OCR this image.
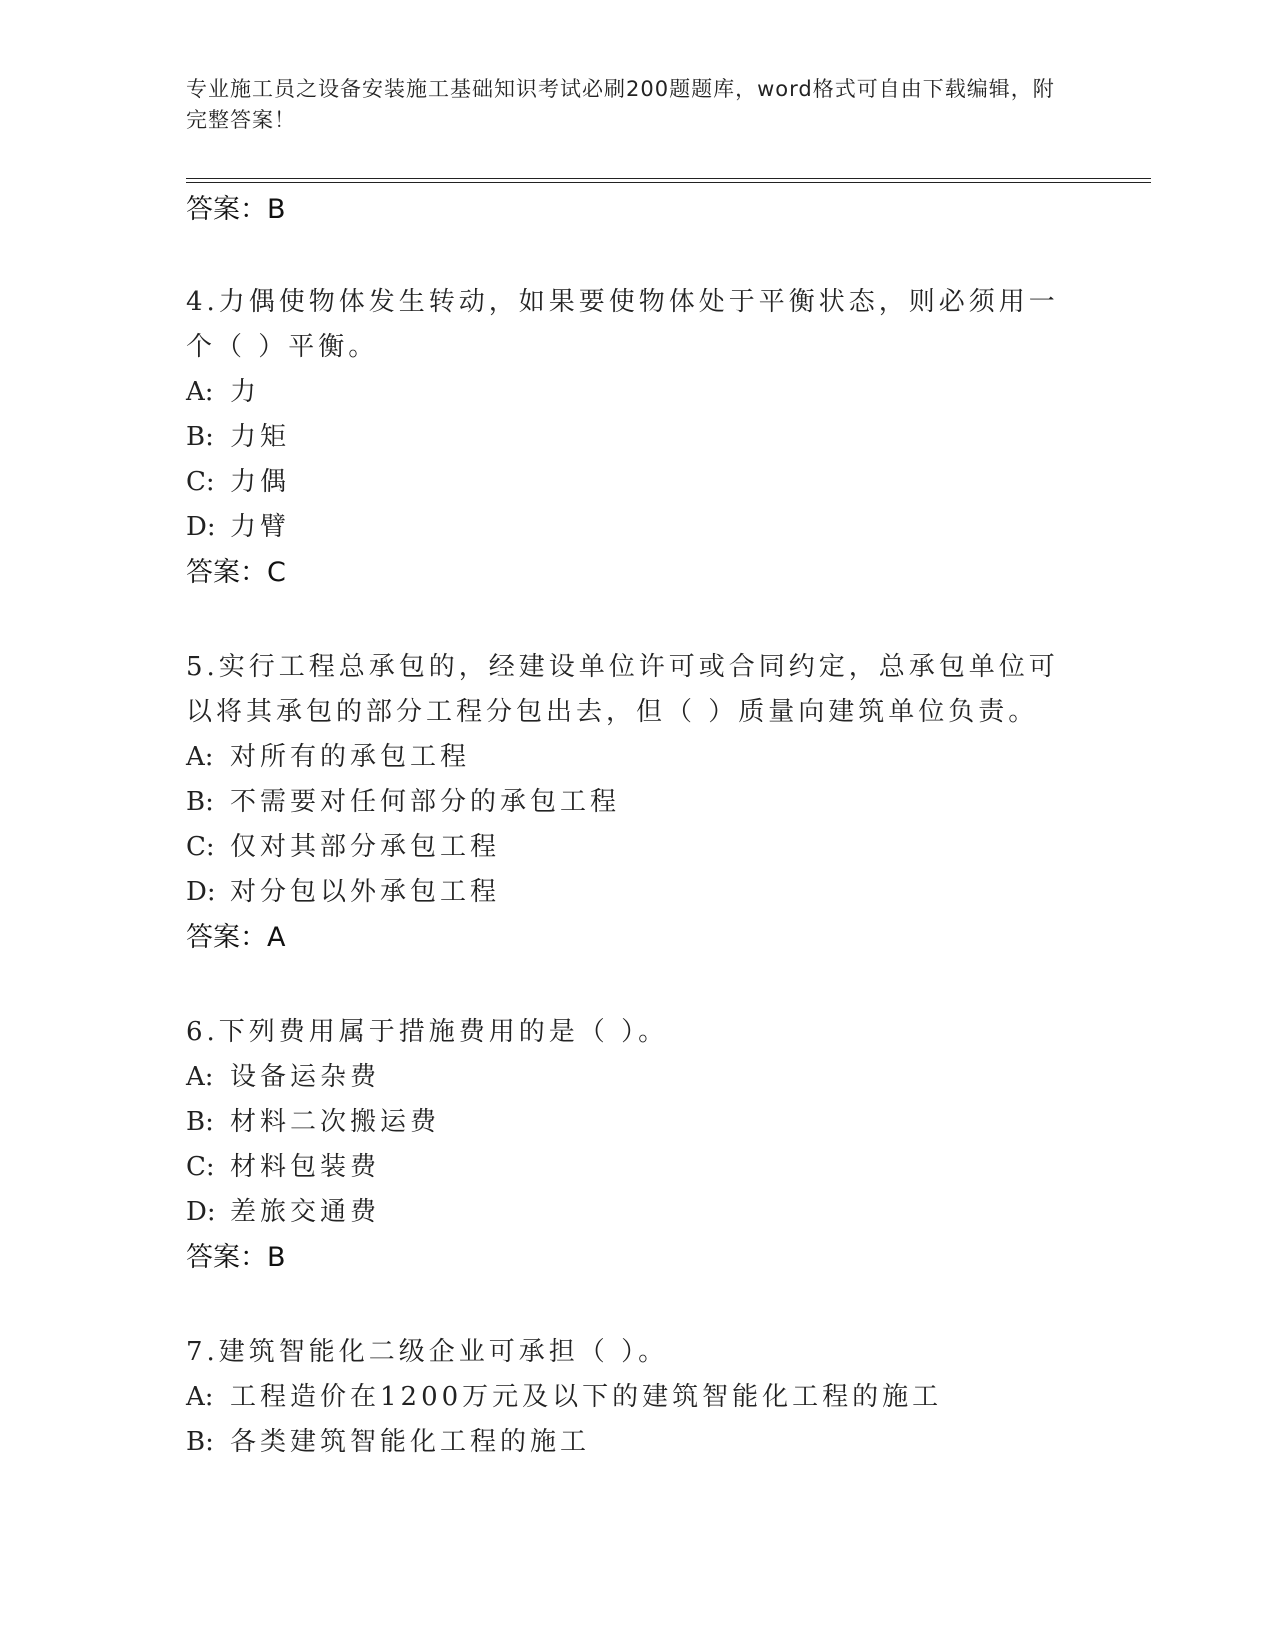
专业施工员之设备安装施工基础知识考试必刷200题题库，word格式可自由下载编辑，附完整答案！
答案：B
4.力偶使物体发生转动，如果要使物体处于平衡状态，则必须用一个（ ）平衡。
A: 力
B: 力矩
C: 力偶
D: 力臂
答案：C
5.实行工程总承包的，经建设单位许可或合同约定，总承包单位可以将其承包的部分工程分包出去，但（ ）质量向建筑单位负责。
A: 对所有的承包工程
B: 不需要对任何部分的承包工程
C: 仅对其部分承包工程
D: 对分包以外承包工程
答案：A
6.下列费用属于措施费用的是（ ）。
A: 设备运杂费
B: 材料二次搬运费
C: 材料包装费
D: 差旅交通费
答案：B
7.建筑智能化二级企业可承担（ ）。
A: 工程造价在1200万元及以下的建筑智能化工程的施工
B: 各类建筑智能化工程的施工
